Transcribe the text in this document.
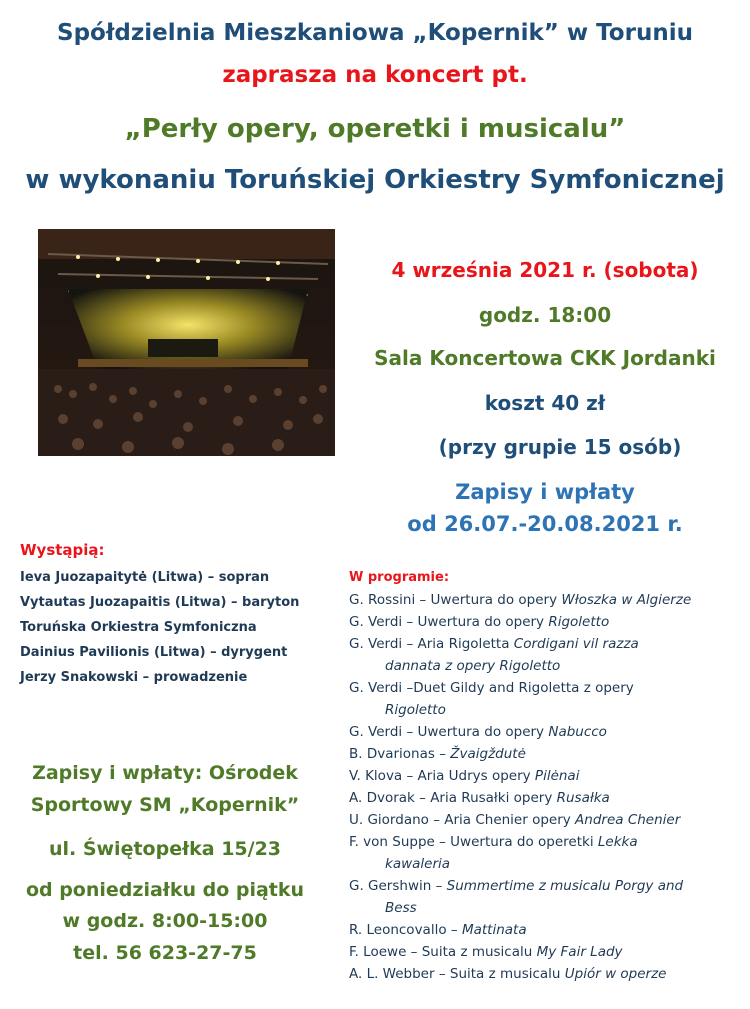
Spółdzielnia Mieszkaniowa „Kopernik” w Toruniu
zaprasza na koncert pt.
„Perły opery, operetki i musicalu”
w wykonaniu Toruńskiej Orkiestry Symfonicznej
4 września 2021 r. (sobota)
godz. 18:00
Sala Koncertowa CKK Jordanki
koszt 40 zł
(przy grupie 15 osób)
Zapisy i wpłaty
od 26.07.-20.08.2021 r.
Wystąpią:
Ieva Juozapaitytė (Litwa) – sopran
Vytautas Juozapaitis (Litwa) – baryton
Toruńska Orkiestra Symfoniczna
Dainius Pavilionis (Litwa) – dyrygent
Jerzy Snakowski – prowadzenie
Zapisy i wpłaty: Ośrodek
Sportowy SM „Kopernik”
ul. Świętopełka 15/23
od poniedziałku do piątku
w godz. 8:00-15:00
tel. 56 623-27-75
W programie:
G. Rossini – Uwertura do opery Włoszka w Algierze
G. Verdi – Uwertura do opery Rigoletto
G. Verdi – Aria Rigoletta Cordigani vil razza
dannata z opery Rigoletto
G. Verdi –Duet Gildy and Rigoletta z opery
Rigoletto
G. Verdi – Uwertura do opery Nabucco
B. Dvarionas – Žvaigždutė
V. Klova – Aria Udrys opery Pilėnai
A. Dvorak – Aria Rusałki opery Rusałka
U. Giordano – Aria Chenier opery Andrea Chenier
F. von Suppe – Uwertura do operetki Lekka
kawaleria
G. Gershwin – Summertime z musicalu Porgy and
Bess
R. Leoncovallo – Mattinata
F. Loewe – Suita z musicalu My Fair Lady
A. L. Webber – Suita z musicalu Upiór w operze
